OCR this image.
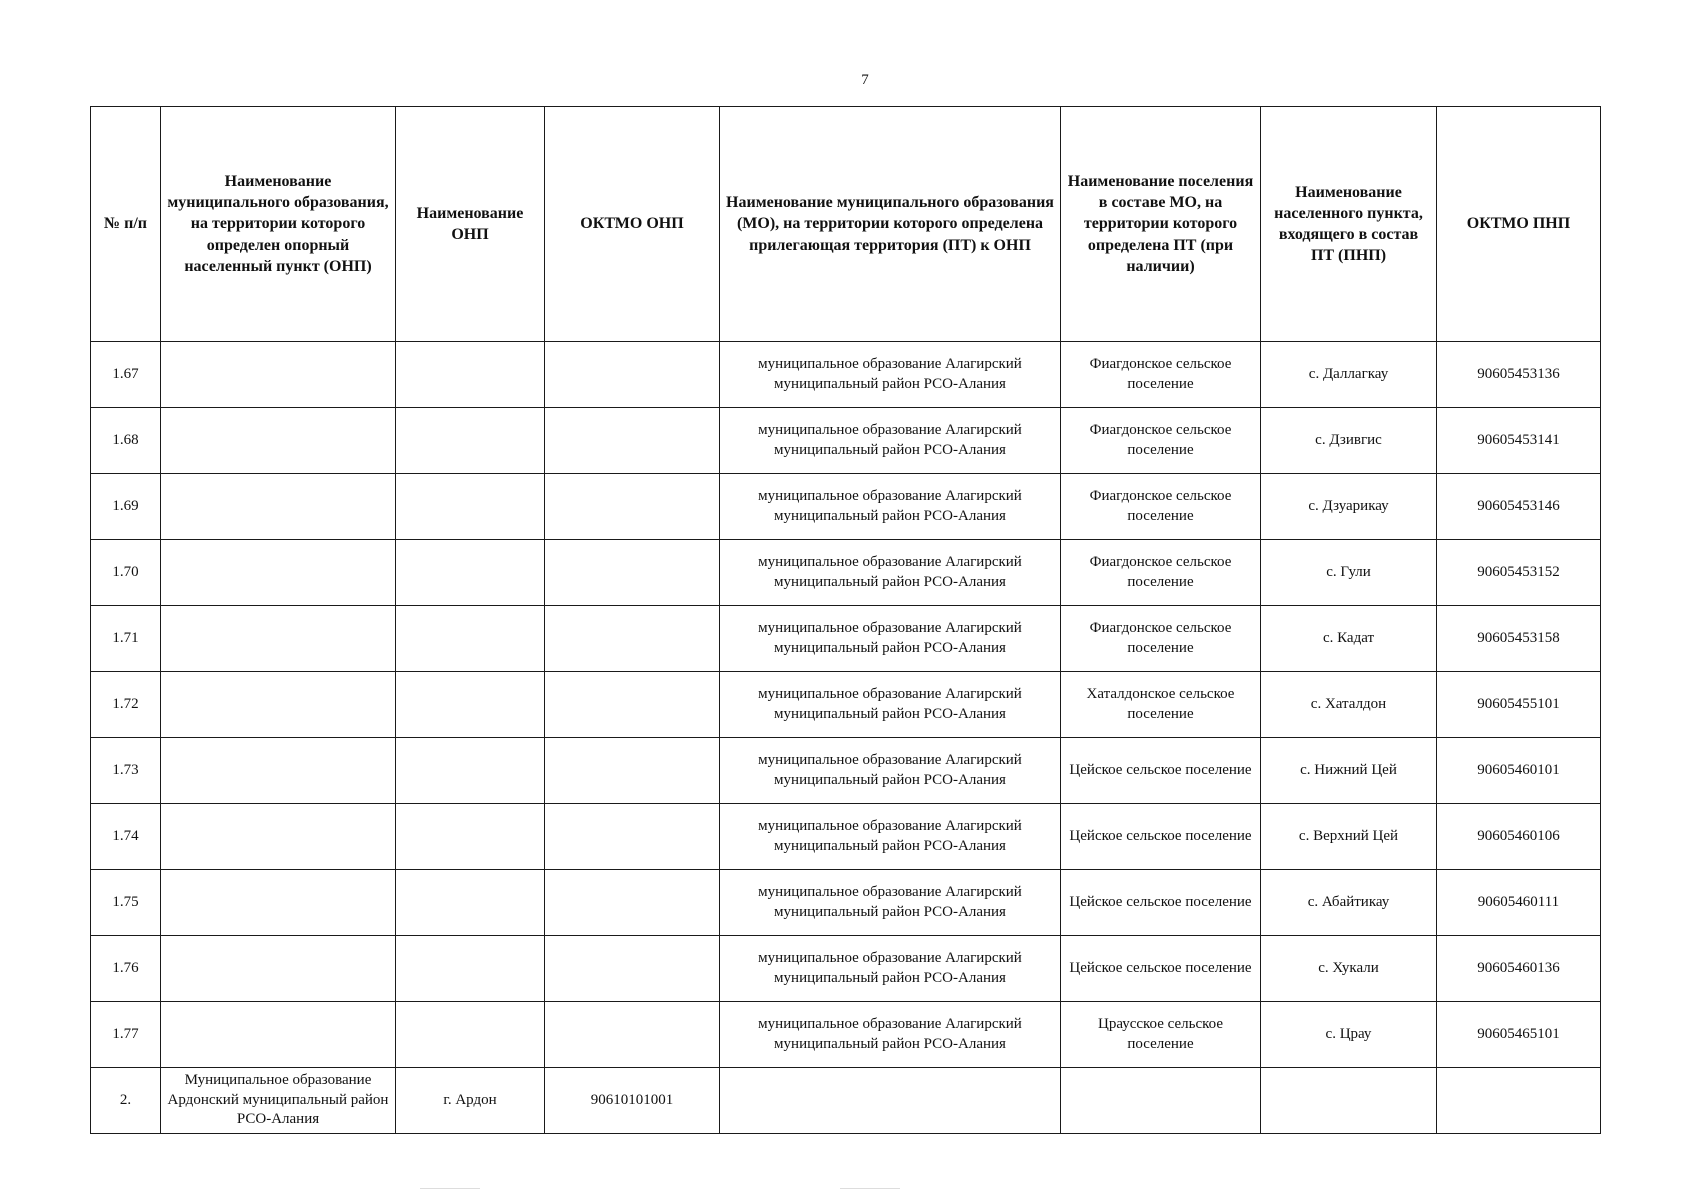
7
№ п/п	Наименование муниципального образования, на территории которого определен опорный населенный пункт (ОНП)	Наименование ОНП	ОКТМО ОНП	Наименование муниципального образования (МО), на территории которого определена прилегающая территория (ПТ) к ОНП	Наименование поселения в составе МО, на территории которого определена ПТ (при наличии)	Наименование населенного пункта, входящего в состав ПТ (ПНП)	ОКТМО ПНП
1.67				муниципальное образование Алагирский муниципальный район РСО-Алания	Фиагдонское сельское поселение	с. Даллагкау	90605453136
1.68				муниципальное образование Алагирский муниципальный район РСО-Алания	Фиагдонское сельское поселение	с. Дзивгис	90605453141
1.69				муниципальное образование Алагирский муниципальный район РСО-Алания	Фиагдонское сельское поселение	с. Дзуарикау	90605453146
1.70				муниципальное образование Алагирский муниципальный район РСО-Алания	Фиагдонское сельское поселение	с. Гули	90605453152
1.71				муниципальное образование Алагирский муниципальный район РСО-Алания	Фиагдонское сельское поселение	с. Кадат	90605453158
1.72				муниципальное образование Алагирский муниципальный район РСО-Алания	Хаталдонское сельское поселение	с. Хаталдон	90605455101
1.73				муниципальное образование Алагирский муниципальный район РСО-Алания	Цейское сельское поселение	с. Нижний Цей	90605460101
1.74				муниципальное образование Алагирский муниципальный район РСО-Алания	Цейское сельское поселение	с. Верхний Цей	90605460106
1.75				муниципальное образование Алагирский муниципальный район РСО-Алания	Цейское сельское поселение	с. Абайтикау	90605460111
1.76				муниципальное образование Алагирский муниципальный район РСО-Алания	Цейское сельское поселение	с. Хукали	90605460136
1.77				муниципальное образование Алагирский муниципальный район РСО-Алания	Цраусское сельское поселение	с. Црау	90605465101
2.	Муниципальное образование Ардонский муниципальный район РСО-Алания	г. Ардон	90610101001				
